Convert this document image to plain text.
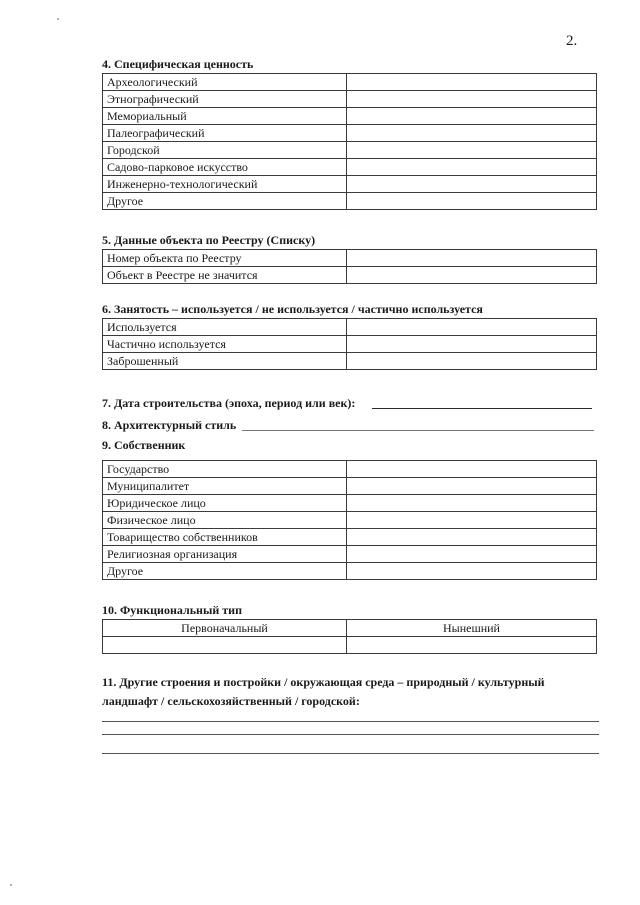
2.
4. Специфическая ценность
Археологический	
Этнографический	
Мемориальный	
Палеографический	
Городской	
Садово-парковое искусство	
Инженерно-технологический	
Другое	
5. Данные объекта по Реестру (Списку)
Номер объекта по Реестру	
Объект в Реестре не значится	
6. Занятость – используется / не используется / частично используется
Используется	
Частично используется	
Заброшенный	
7. Дата строительства (эпоха, период или век):
8. Архитектурный стиль
9. Собственник
Государство	
Муниципалитет	
Юридическое лицо	
Физическое лицо	
Товарищество собственников	
Религиозная организация	
Другое	
10. Функциональный тип
Первоначальный	Нынешний

11. Другие строения и постройки / окружающая среда – природный / культурный ландшафт / сельскохозяйственный / городской:
